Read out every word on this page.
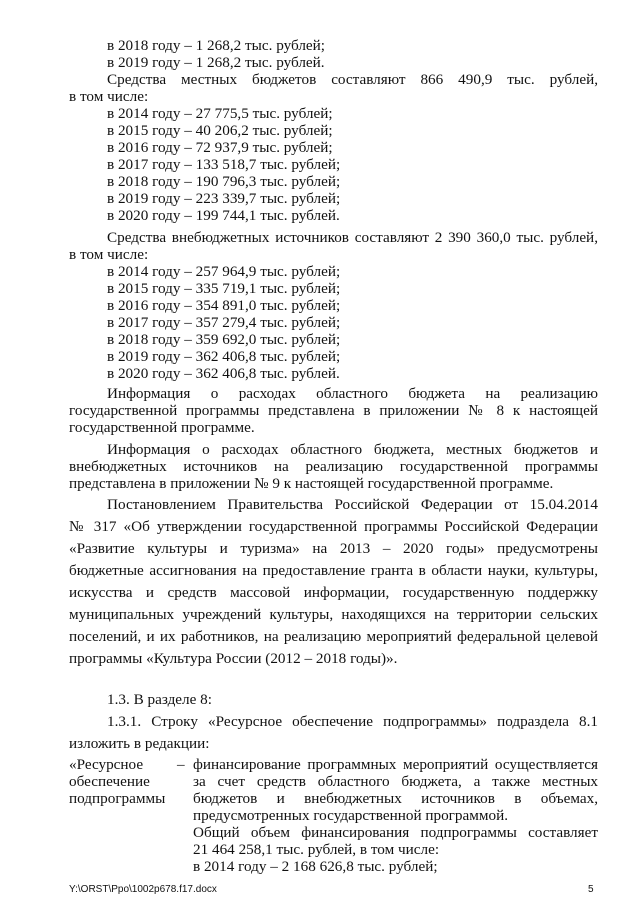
в 2018 году – 1 268,2 тыс. рублей;
в 2019 году – 1 268,2 тыс. рублей.
Средства местных бюджетов составляют 866 490,9 тыс. рублей,
в том числе:
в 2014 году – 27 775,5 тыс. рублей;
в 2015 году – 40 206,2 тыс. рублей;
в 2016 году – 72 937,9 тыс. рублей;
в 2017 году – 133 518,7 тыс. рублей;
в 2018 году – 190 796,3 тыс. рублей;
в 2019 году – 223 339,7 тыс. рублей;
в 2020 году – 199 744,1 тыс. рублей.
Средства внебюджетных источников составляют 2 390 360,0 тыс. рублей,
в том числе:
в 2014 году – 257 964,9 тыс. рублей;
в 2015 году – 335 719,1 тыс. рублей;
в 2016 году – 354 891,0 тыс. рублей;
в 2017 году – 357 279,4 тыс. рублей;
в 2018 году – 359 692,0 тыс. рублей;
в 2019 году – 362 406,8 тыс. рублей;
в 2020 году – 362 406,8 тыс. рублей.
Информация о расходах областного бюджета на реализацию
государственной программы представлена в приложении № 8 к настоящей
государственной программе.
Информация о расходах областного бюджета, местных бюджетов и
внебюджетных источников на реализацию государственной программы
представлена в приложении № 9 к настоящей государственной программе.
Постановлением Правительства Российской Федерации от 15.04.2014
№ 317 «Об утверждении государственной программы Российской Федерации
«Развитие культуры и туризма» на 2013 – 2020 годы» предусмотрены
бюджетные ассигнования на предоставление гранта в области науки, культуры,
искусства и средств массовой информации, государственную поддержку
муниципальных учреждений культуры, находящихся на территории сельских
поселений, и их работников, на реализацию мероприятий федеральной целевой
программы «Культура России (2012 – 2018 годы)».
1.3. В разделе 8:
1.3.1. Строку «Ресурсное обеспечение подпрограммы» подраздела 8.1
изложить в редакции:
«Ресурсное
обеспечение
подпрограммы
– финансирование программных мероприятий осуществляется
за счет средств областного бюджета, а также местных
бюджетов и внебюджетных источников в объемах,
предусмотренных государственной программой.
Общий объем финансирования подпрограммы составляет
21 464 258,1 тыс. рублей, в том числе:
в 2014 году – 2 168 626,8 тыс. рублей;
Y:\ORST\Ppo\1002p678.f17.docx	5
